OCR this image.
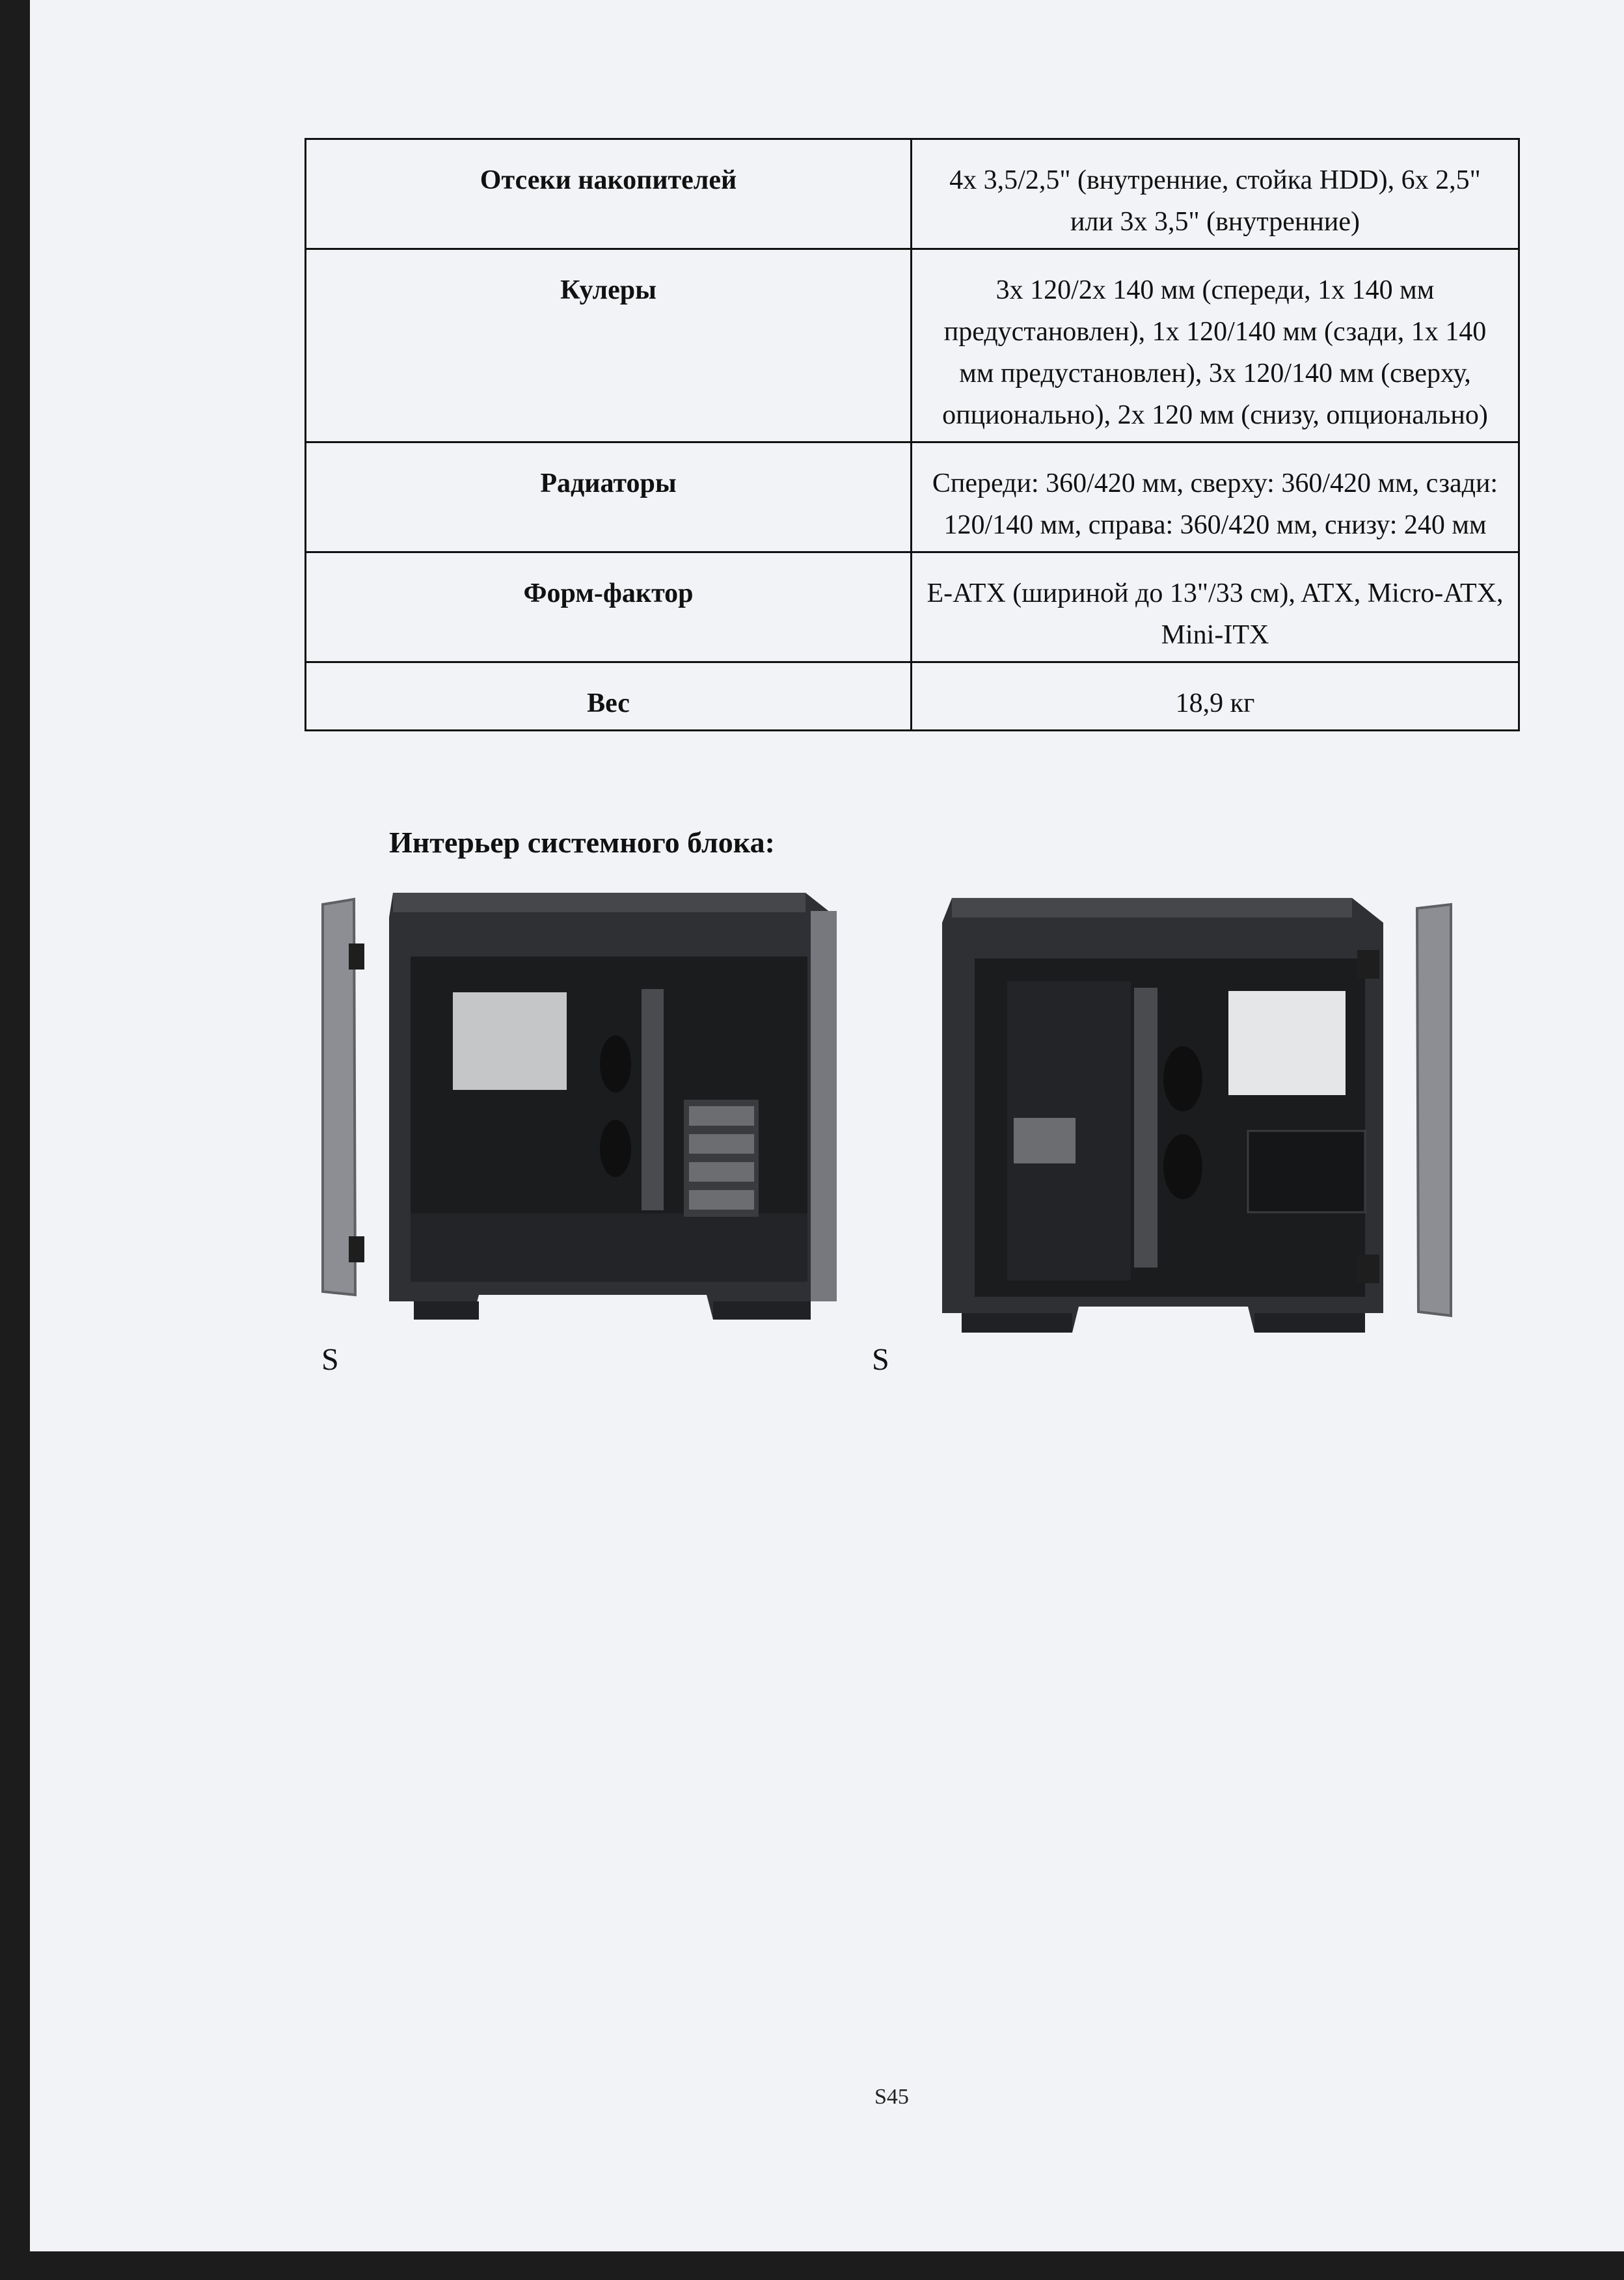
Отсеки накопителей	4х 3,5/2,5" (внутренние, стойка HDD), 6х 2,5" или 3х 3,5" (внутренние)
Кулеры	3х 120/2х 140 мм (спереди, 1х 140 мм предустановлен), 1х 120/140 мм (сзади, 1х 140 мм предустановлен), 3х 120/140 мм (сверху, опционально), 2х 120 мм (снизу, опционально)
Радиаторы	Спереди: 360/420 мм, сверху: 360/420 мм, сзади: 120/140 мм, справа: 360/420 мм, снизу: 240 мм
Форм-фактор	E-ATX (шириной до 13"/33 см), ATX, Micro-ATX, Mini-ITX
Вес	18,9 кг
Интерьер системного блока:
S	S
S45
